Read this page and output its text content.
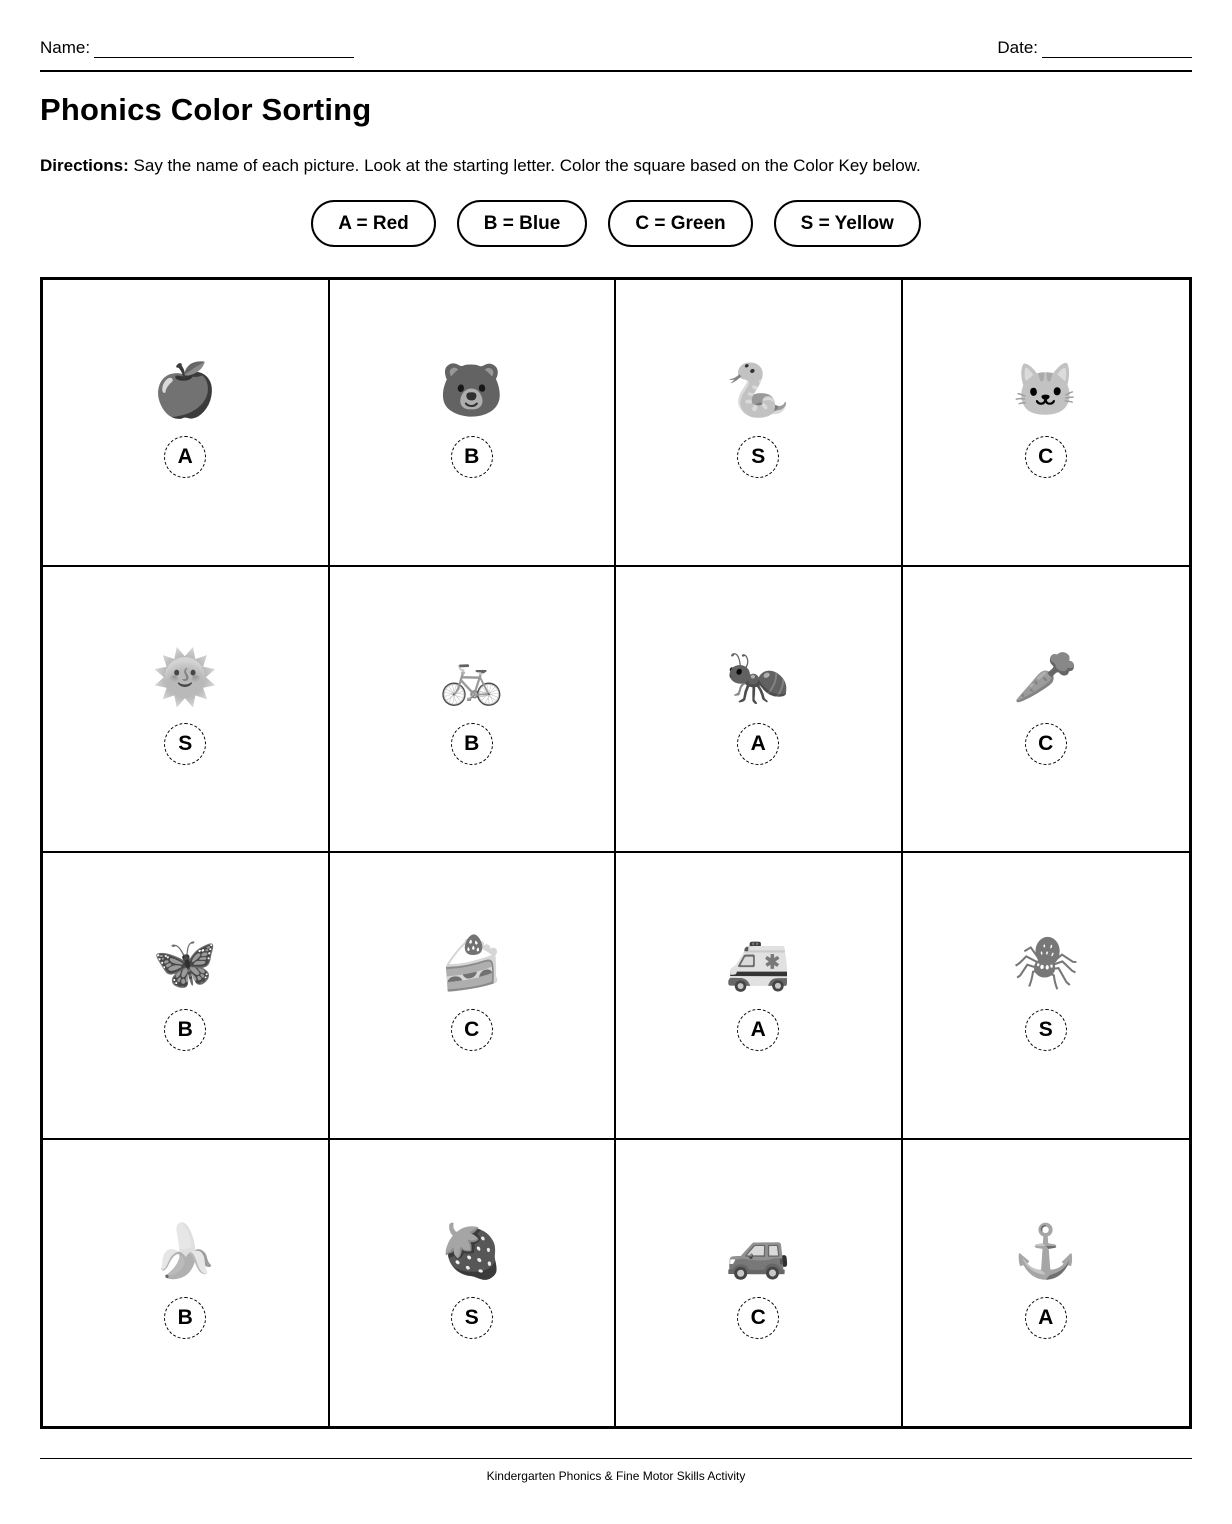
Name:	Date:
Phonics Color Sorting

Directions: Say the name of each picture. Look at the starting letter. Color the square based on the Color Key below.

A = Red	B = Blue	C = Green	S = Yellow
🍎
A
🐻
B
🐍
S
🐱
C
🌞
S
🚲
B
🐜
A
🥕
C
🦋
B
🍰
C
🚑
A
🕷
S
🍌
B
🍓
S
🚙
C
⚓
A
Kindergarten Phonics & Fine Motor Skills Activity
